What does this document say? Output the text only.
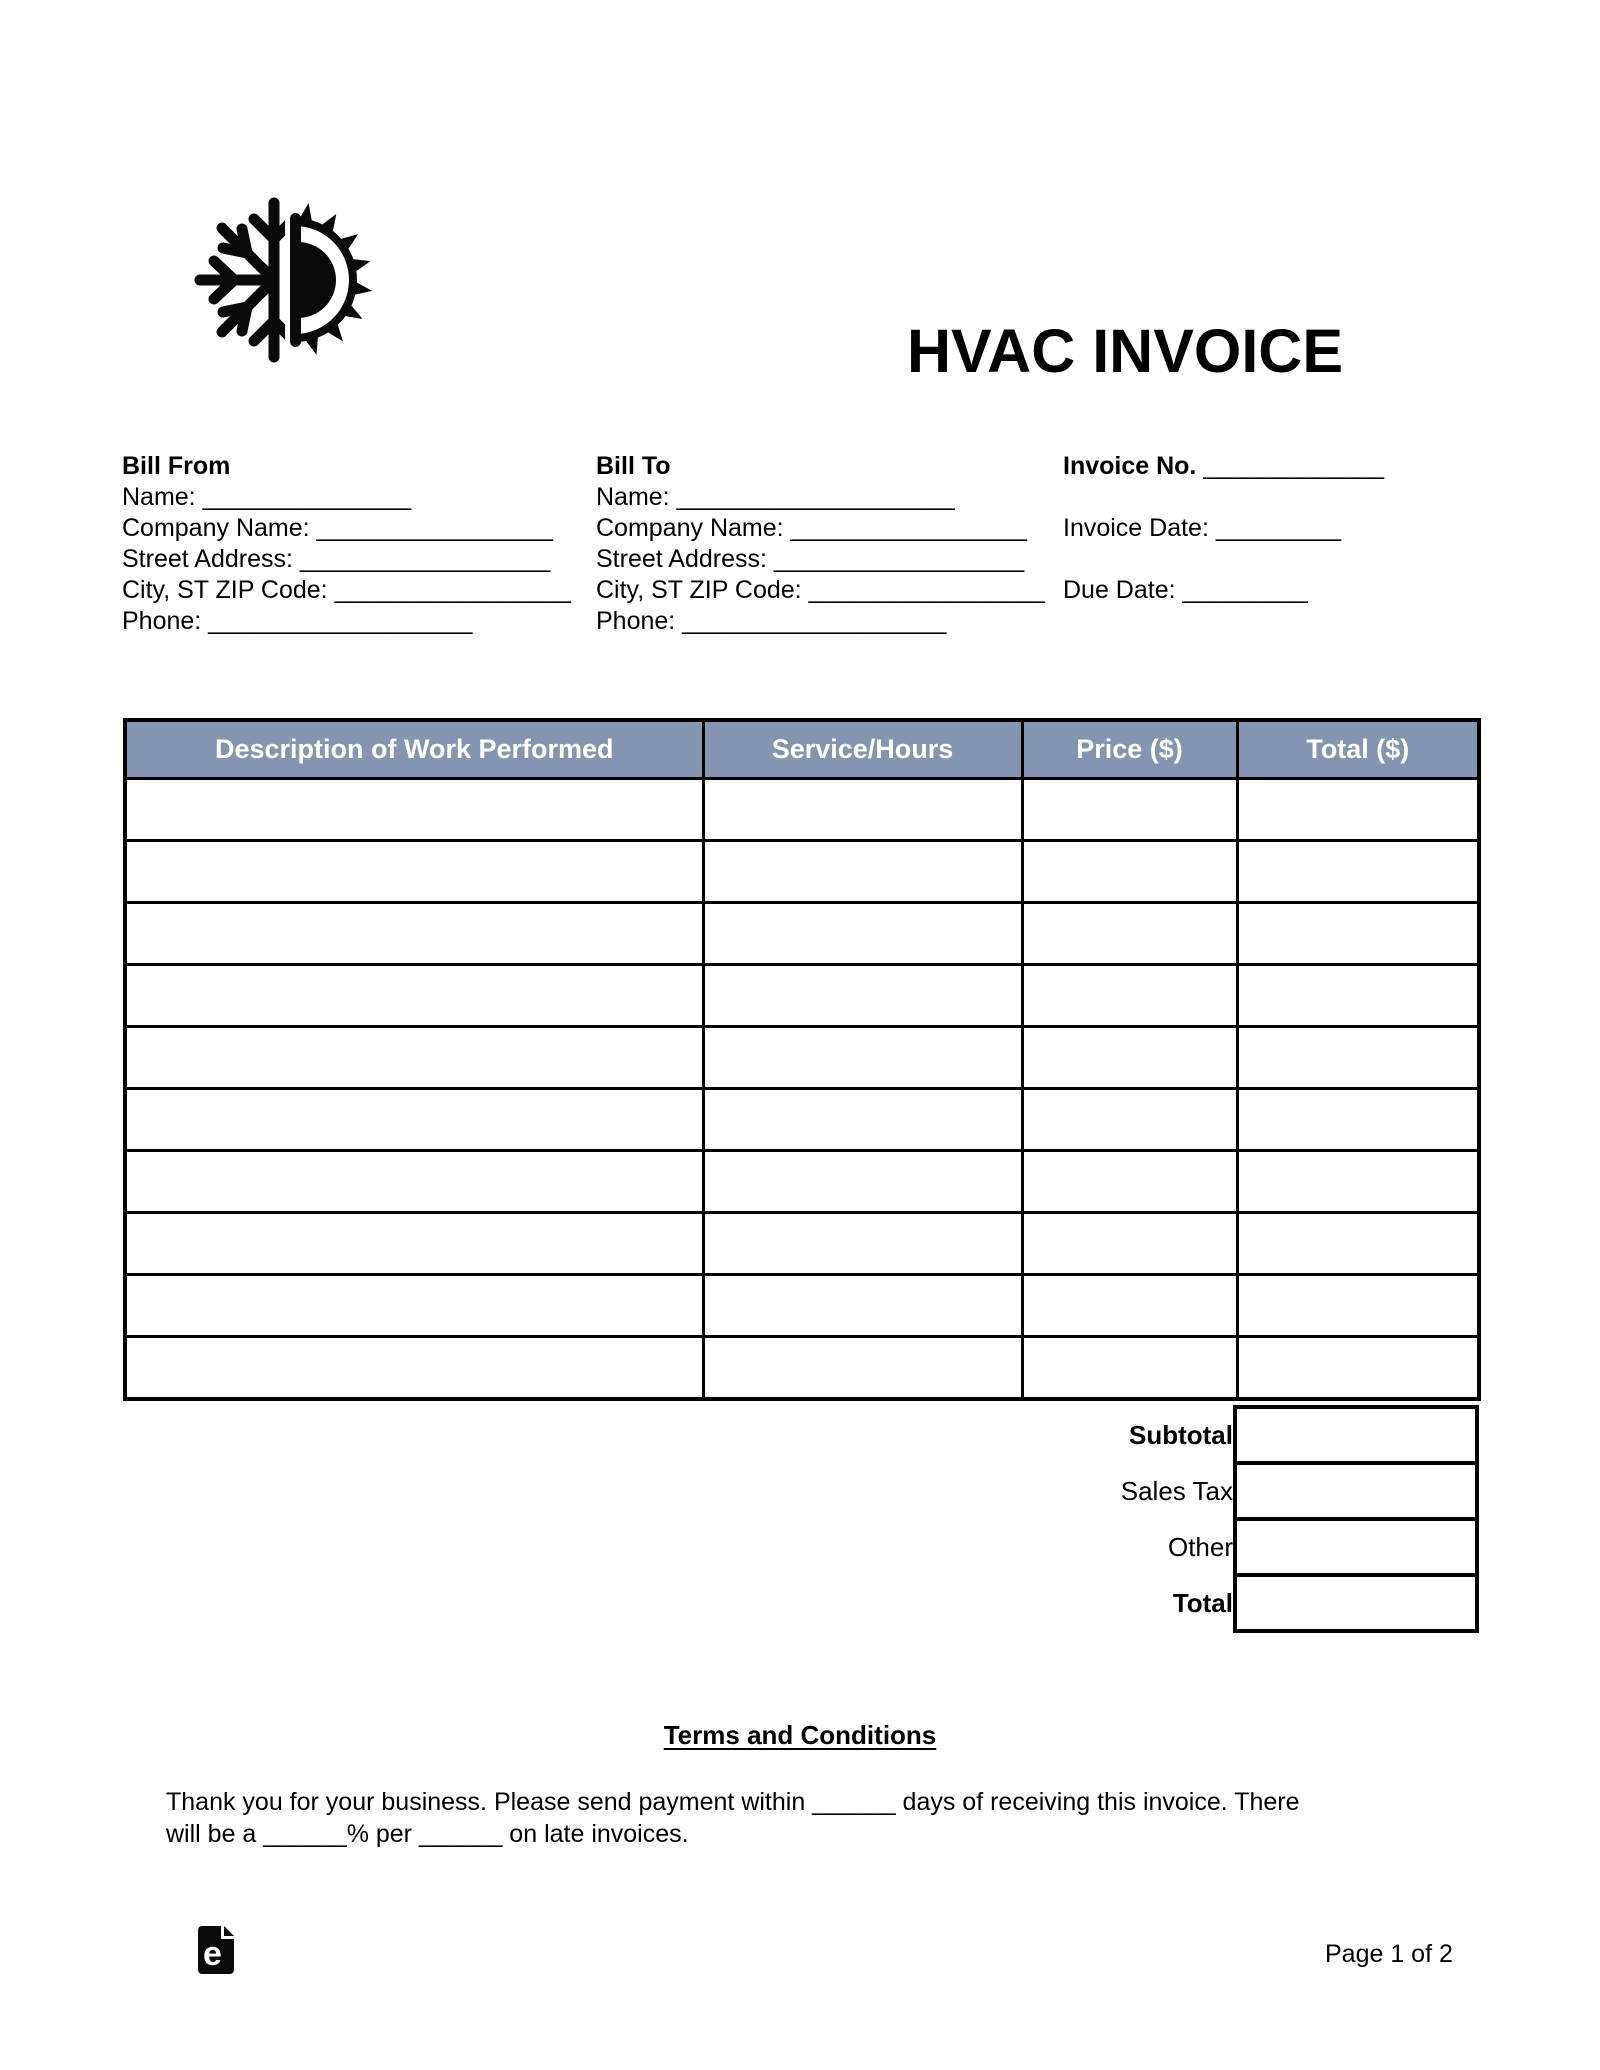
HVAC INVOICE
Bill From
Name: _______________
Company Name: _________________
Street Address: __________________
City, ST ZIP Code: _________________
Phone: ___________________
Bill To
Name: ____________________
Company Name: _________________
Street Address: __________________
City, ST ZIP Code: _________________
Phone: ___________________
Invoice No. _____________
Invoice Date: _________
Due Date: _________
Description of Work Performed	Service/Hours	Price ($)	Total ($)

Subtotal	
Sales Tax	
Other	
Total	
Terms and Conditions
Thank you for your business. Please send payment within ______ days of receiving this invoice. There
will be a ______% per ______ on late invoices.
e	Page 1 of 2
